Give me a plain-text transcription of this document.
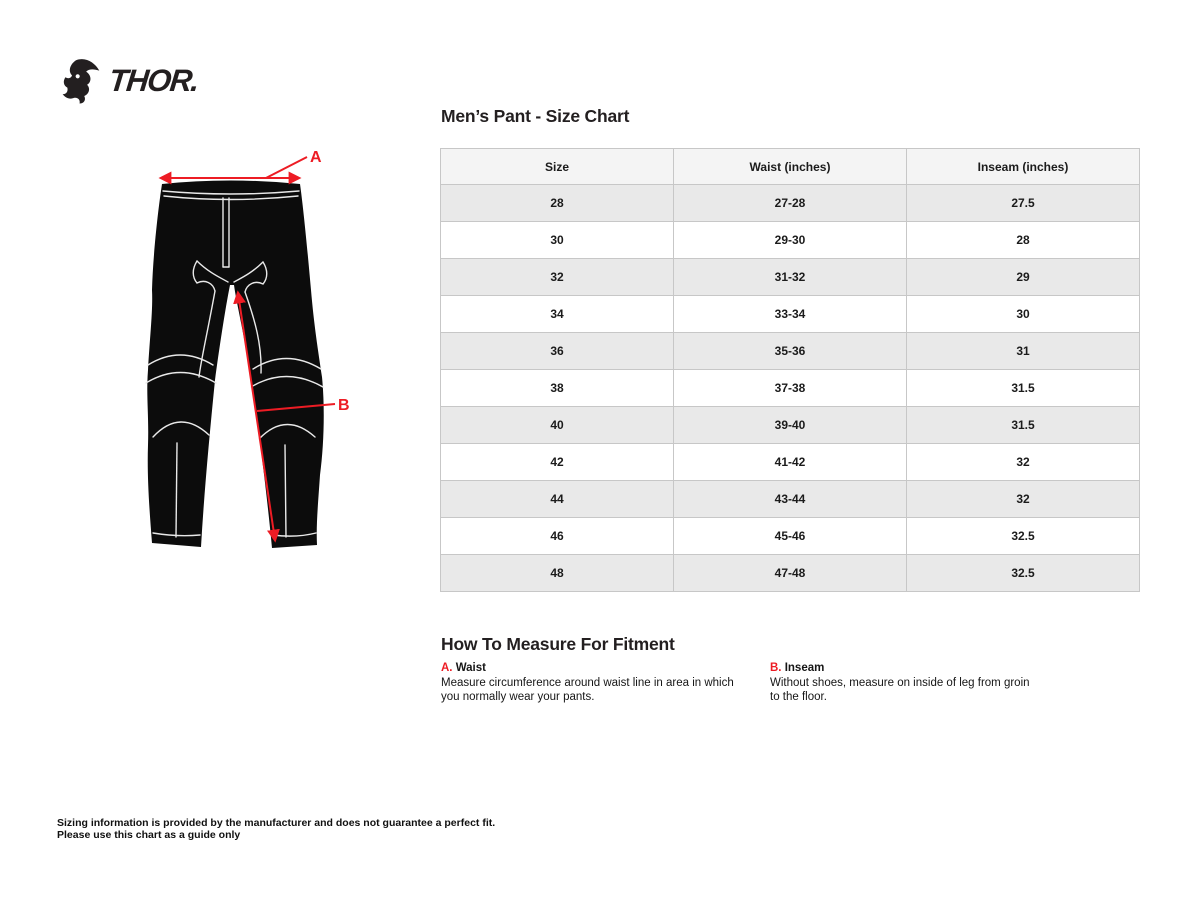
THOR.
A
B
Men’s Pant - Size Chart
Size	Waist (inches)	Inseam (inches)
28	27-28	27.5
30	29-30	28
32	31-32	29
34	33-34	30
36	35-36	31
38	37-38	31.5
40	39-40	31.5
42	41-42	32
44	43-44	32
46	45-46	32.5
48	47-48	32.5
How To Measure For Fitment
A. Waist
Measure circumference around waist line in area in which you normally wear your pants.
B. Inseam
Without shoes, measure on inside of leg from groin to the floor.
Sizing information is provided by the manufacturer and does not guarantee a perfect fit.
Please use this chart as a guide only
